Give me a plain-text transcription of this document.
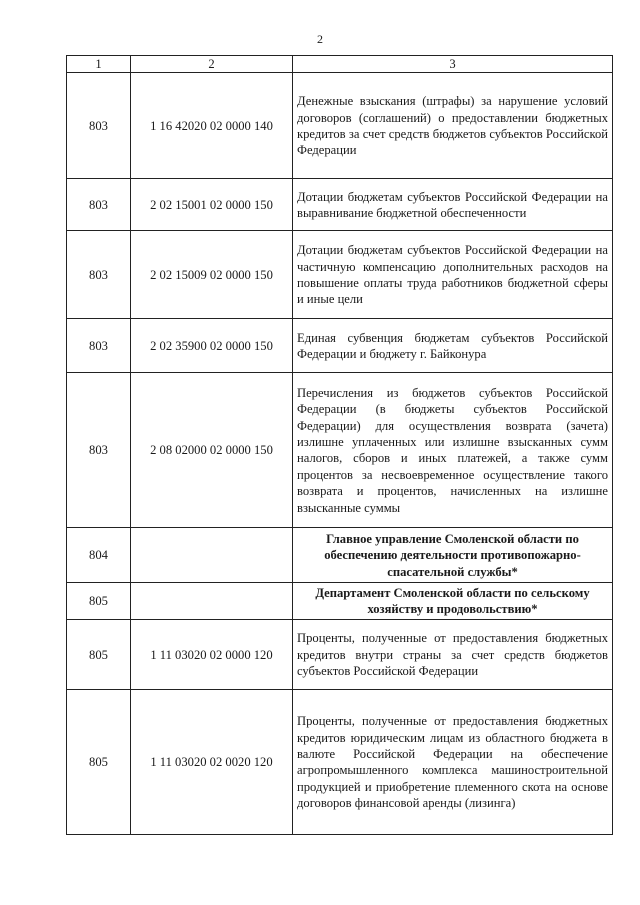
2
1	2	3
803	1 16 42020 02 0000 140	Денежные взыскания (штрафы) за нарушение условий договоров (соглашений) о предоставлении бюджетных кредитов за счет средств бюджетов субъектов Российской Федерации
803	2 02 15001 02 0000 150	Дотации бюджетам субъектов Российской Федерации на выравнивание бюджетной обеспеченности
803	2 02 15009 02 0000 150	Дотации бюджетам субъектов Российской Федерации на частичную компенсацию дополнительных расходов на повышение оплаты труда работников бюджетной сферы и иные цели
803	2 02 35900 02 0000 150	Единая субвенция бюджетам субъектов Российской Федерации и бюджету г. Байконура
803	2 08 02000 02 0000 150	Перечисления из бюджетов субъектов Российской Федерации (в бюджеты субъектов Российской Федерации) для осуществления возврата (зачета) излишне уплаченных или излишне взысканных сумм налогов, сборов и иных платежей, а также сумм процентов за несвоевременное осуществление такого возврата и процентов, начисленных на излишне взысканные суммы
804		Главное управление Смоленской области по обеспечению деятельности противопожарно-спасательной службы*
805		Департамент Смоленской области по сельскому хозяйству и продовольствию*
805	1 11 03020 02 0000 120	Проценты, полученные от предоставления бюджетных кредитов внутри страны за счет средств бюджетов субъектов Российской Федерации
805	1 11 03020 02 0020 120	Проценты, полученные от предоставления бюджетных кредитов юридическим лицам из областного бюджета в валюте Российской Федерации на обеспечение агропромышленного комплекса машиностроительной продукцией и приобретение племенного скота на основе договоров финансовой аренды (лизинга)
